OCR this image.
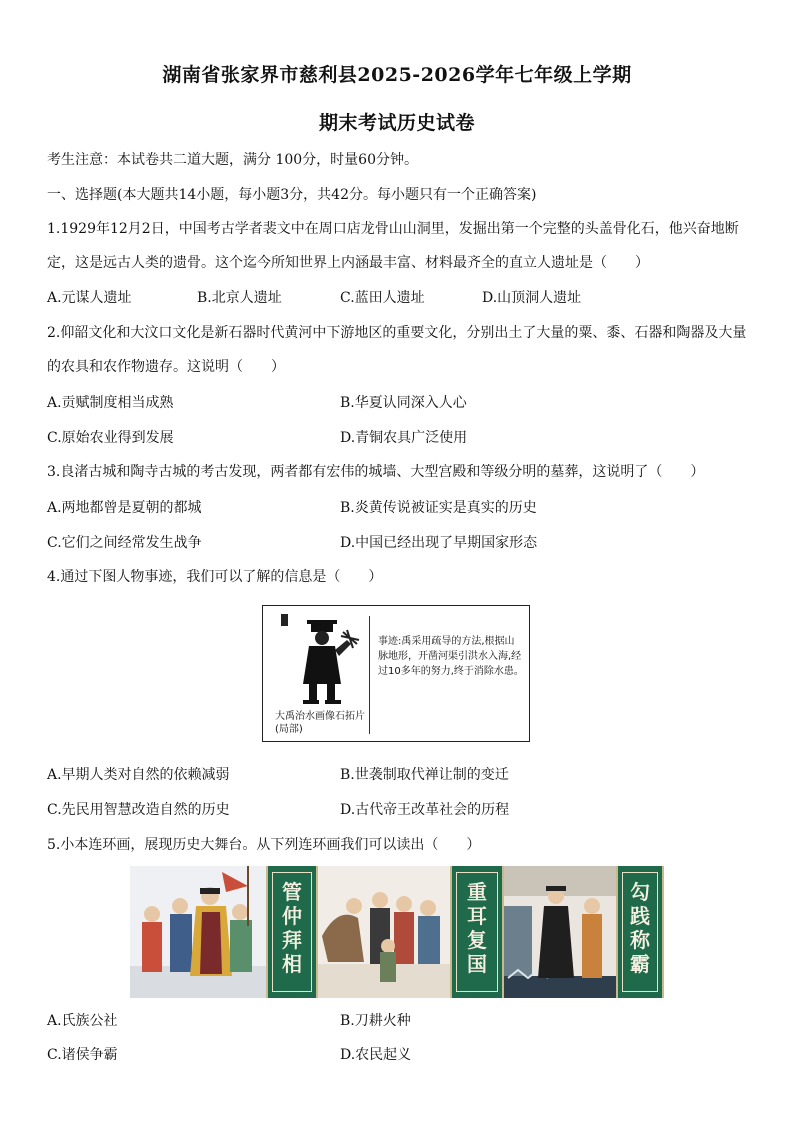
湖南省张家界市慈利县2025-2026学年七年级上学期
期末考试历史试卷
考生注意：本试卷共二道大题，满分 100分，时量60分钟。
一、选择题(本大题共14小题，每小题3分，共42分。每小题只有一个正确答案)
1.1929年12月2日，中国考古学者裴文中在周口店龙骨山山洞里，发掘出第一个完整的头盖骨化石，他兴奋地断
定，这是远古人类的遗骨。这个迄今所知世界上内涵最丰富、材料最齐全的直立人遗址是（　　）
A.元谋人遗址	B.北京人遗址	C.蓝田人遗址	D.山顶洞人遗址
2.仰韶文化和大汶口文化是新石器时代黄河中下游地区的重要文化，分别出土了大量的粟、黍、石器和陶器及大量
的农具和农作物遗存。这说明（　　）
A.贡赋制度相当成熟	B.华夏认同深入人心
C.原始农业得到发展	D.青铜农具广泛使用
3.良渚古城和陶寺古城的考古发现，两者都有宏伟的城墙、大型宫殿和等级分明的墓葬，这说明了（　　）
A.两地都曾是夏朝的都城	B.炎黄传说被证实是真实的历史
C.它们之间经常发生战争	D.中国已经出现了早期国家形态
4.通过下图人物事迹，我们可以了解的信息是（　　）
大禹治水画像石拓片(局部)
事迹:禹采用疏导的方法,根据山脉地形，开凿河渠引洪水入海,经过10多年的努力,终于消除水患。
A.早期人类对自然的依赖减弱	B.世袭制取代禅让制的变迁
C.先民用智慧改造自然的历史	D.古代帝王改革社会的历程
5.小本连环画，展现历史大舞台。从下列连环画我们可以读出（　　）
管仲拜相
重耳复国
勾践称霸
A.氏族公社	B.刀耕火种
C.诸侯争霸	D.农民起义
